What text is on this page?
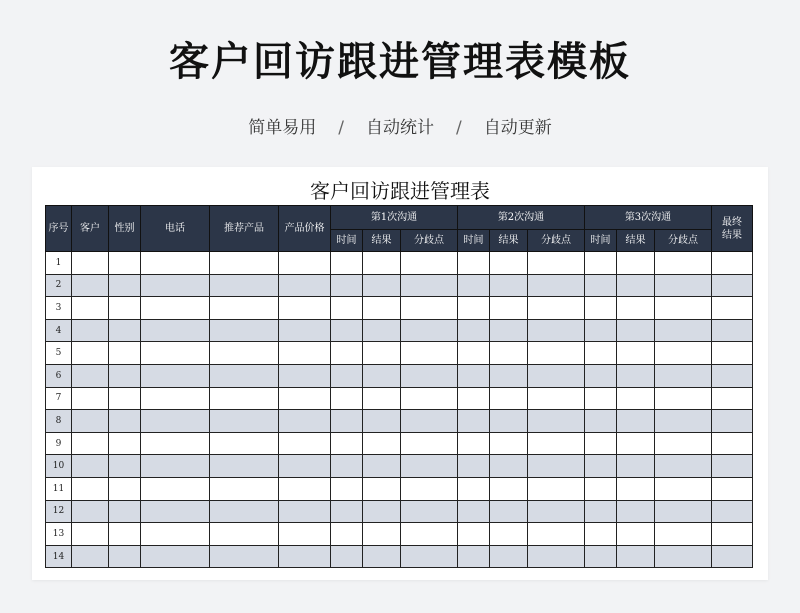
客户回访跟进管理表模板
简单易用 / 自动统计 / 自动更新
客户回访跟进管理表
序号	客户	性别	电话	推荐产品	产品价格	第1次沟通			第2次沟通			第3次沟通			最终结果
						时间	结果	分歧点	时间	结果	分歧点	时间	结果	分歧点	
1															
2															
3															
4															
5															
6															
7															
8															
9															
10															
11															
12															
13															
14															
